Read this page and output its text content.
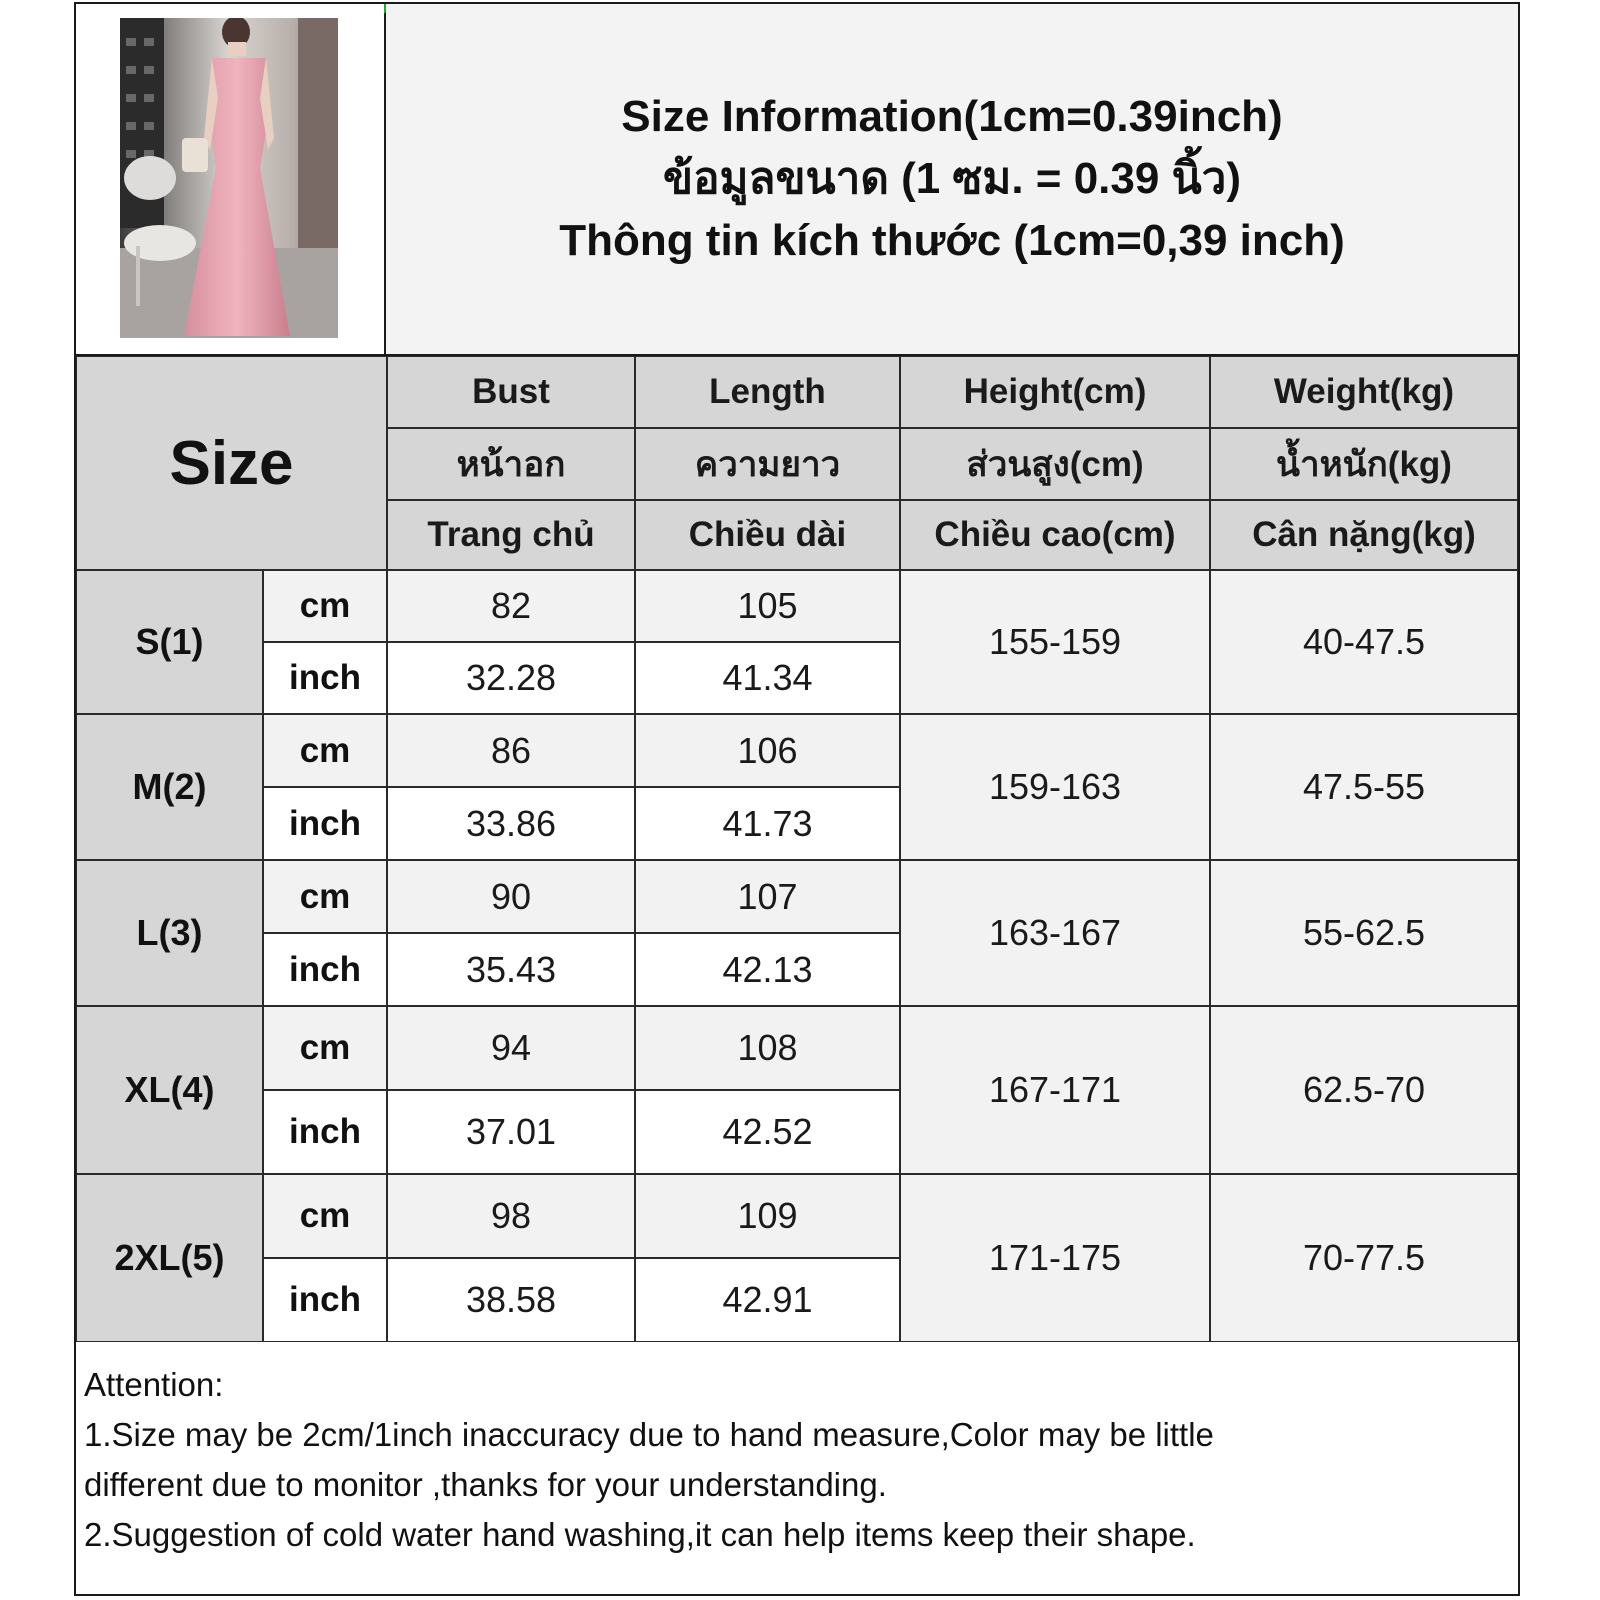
Size Information(1cm=0.39inch)
ข้อมูลขนาด (1 ซม. = 0.39 นิ้ว)
Thông tin kích thước (1cm=0,39 inch)
Size
Bust	Length	Height(cm)	Weight(kg)
หน้าอก	ความยาว	ส่วนสูง(cm)	น้ำหนัก(kg)
Trang chủ	Chiều dài	Chiều cao(cm)	Cân nặng(kg)
S(1)
cm	82	105
inch	32.28	41.34
155-159	40-47.5
M(2)
cm	86	106
inch	33.86	41.73
159-163	47.5-55
L(3)
cm	90	107
inch	35.43	42.13
163-167	55-62.5
XL(4)
cm	94	108
inch	37.01	42.52
167-171	62.5-70
2XL(5)
cm	98	109
inch	38.58	42.91
171-175	70-77.5
Attention:
1.Size may be 2cm/1inch inaccuracy due to hand measure,Color may be little
different due to monitor ,thanks for your understanding.
2.Suggestion of cold water hand washing,it can help items keep their shape.
